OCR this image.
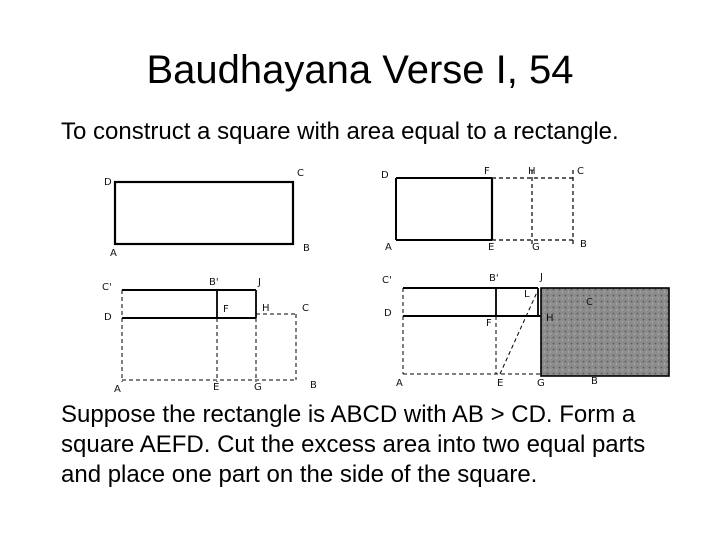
Baudhayana Verse I, 54
To construct a square with area equal to a rectangle.
D
C
A	B
D	F	H	C
A	E	G	B
C'	B'	J
D
F	H	C
A	E	G	B
C'	B'	J
L
D
F	H
C
A	E	G	B
Suppose the rectangle is ABCD with AB > CD. Form a square AEFD. Cut the excess area into two equal parts and place one part on the side of the square.
